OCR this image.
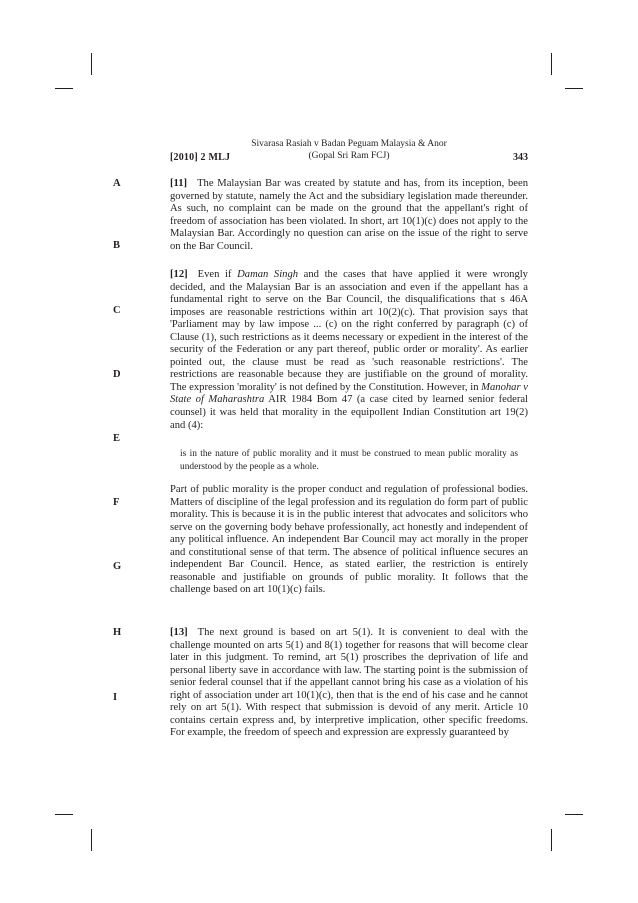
[2010] 2 MLJ
Sivarasa Rasiah v Badan Peguam Malaysia & Anor
(Gopal Sri Ram FCJ)	343
A
B
C
D
E
F
G
H
I

[11] The Malaysian Bar was created by statute and has, from its inception, been governed by statute, namely the Act and the subsidiary legislation made thereunder. As such, no complaint can be made on the ground that the appellant's right of freedom of association has been violated. In short, art 10(1)(c) does not apply to the Malaysian Bar. Accordingly no question can arise on the issue of the right to serve on the Bar Council.

[12] Even if Daman Singh and the cases that have applied it were wrongly decided, and the Malaysian Bar is an association and even if the appellant has a fundamental right to serve on the Bar Council, the disqualifications that s 46A imposes are reasonable restrictions within art 10(2)(c). That provision says that 'Parliament may by law impose ... (c) on the right conferred by paragraph (c) of Clause (1), such restrictions as it deems necessary or expedient in the interest of the security of the Federation or any part thereof, public order or morality'. As earlier pointed out, the clause must be read as 'such reasonable restrictions'. The restrictions are reasonable because they are justifiable on the ground of morality. The expression 'morality' is not defined by the Constitution. However, in Manohar v State of Maharashtra AIR 1984 Bom 47 (a case cited by learned senior federal counsel) it was held that morality in the equipollent Indian Constitution art 19(2) and (4):

is in the nature of public morality and it must be construed to mean public morality as understood by the people as a whole.

Part of public morality is the proper conduct and regulation of professional bodies. Matters of discipline of the legal profession and its regulation do form part of public morality. This is because it is in the public interest that advocates and solicitors who serve on the governing body behave professionally, act honestly and independent of any political influence. An independent Bar Council may act morally in the proper and constitutional sense of that term. The absence of political influence secures an independent Bar Council. Hence, as stated earlier, the restriction is entirely reasonable and justifiable on grounds of public morality. It follows that the challenge based on art 10(1)(c) fails.

[13] The next ground is based on art 5(1). It is convenient to deal with the challenge mounted on arts 5(1) and 8(1) together for reasons that will become clear later in this judgment. To remind, art 5(1) proscribes the deprivation of life and personal liberty save in accordance with law. The starting point is the submission of senior federal counsel that if the appellant cannot bring his case as a violation of his right of association under art 10(1)(c), then that is the end of his case and he cannot rely on art 5(1). With respect that submission is devoid of any merit. Article 10 contains certain express and, by interpretive implication, other specific freedoms. For example, the freedom of speech and expression are expressly guaranteed by
